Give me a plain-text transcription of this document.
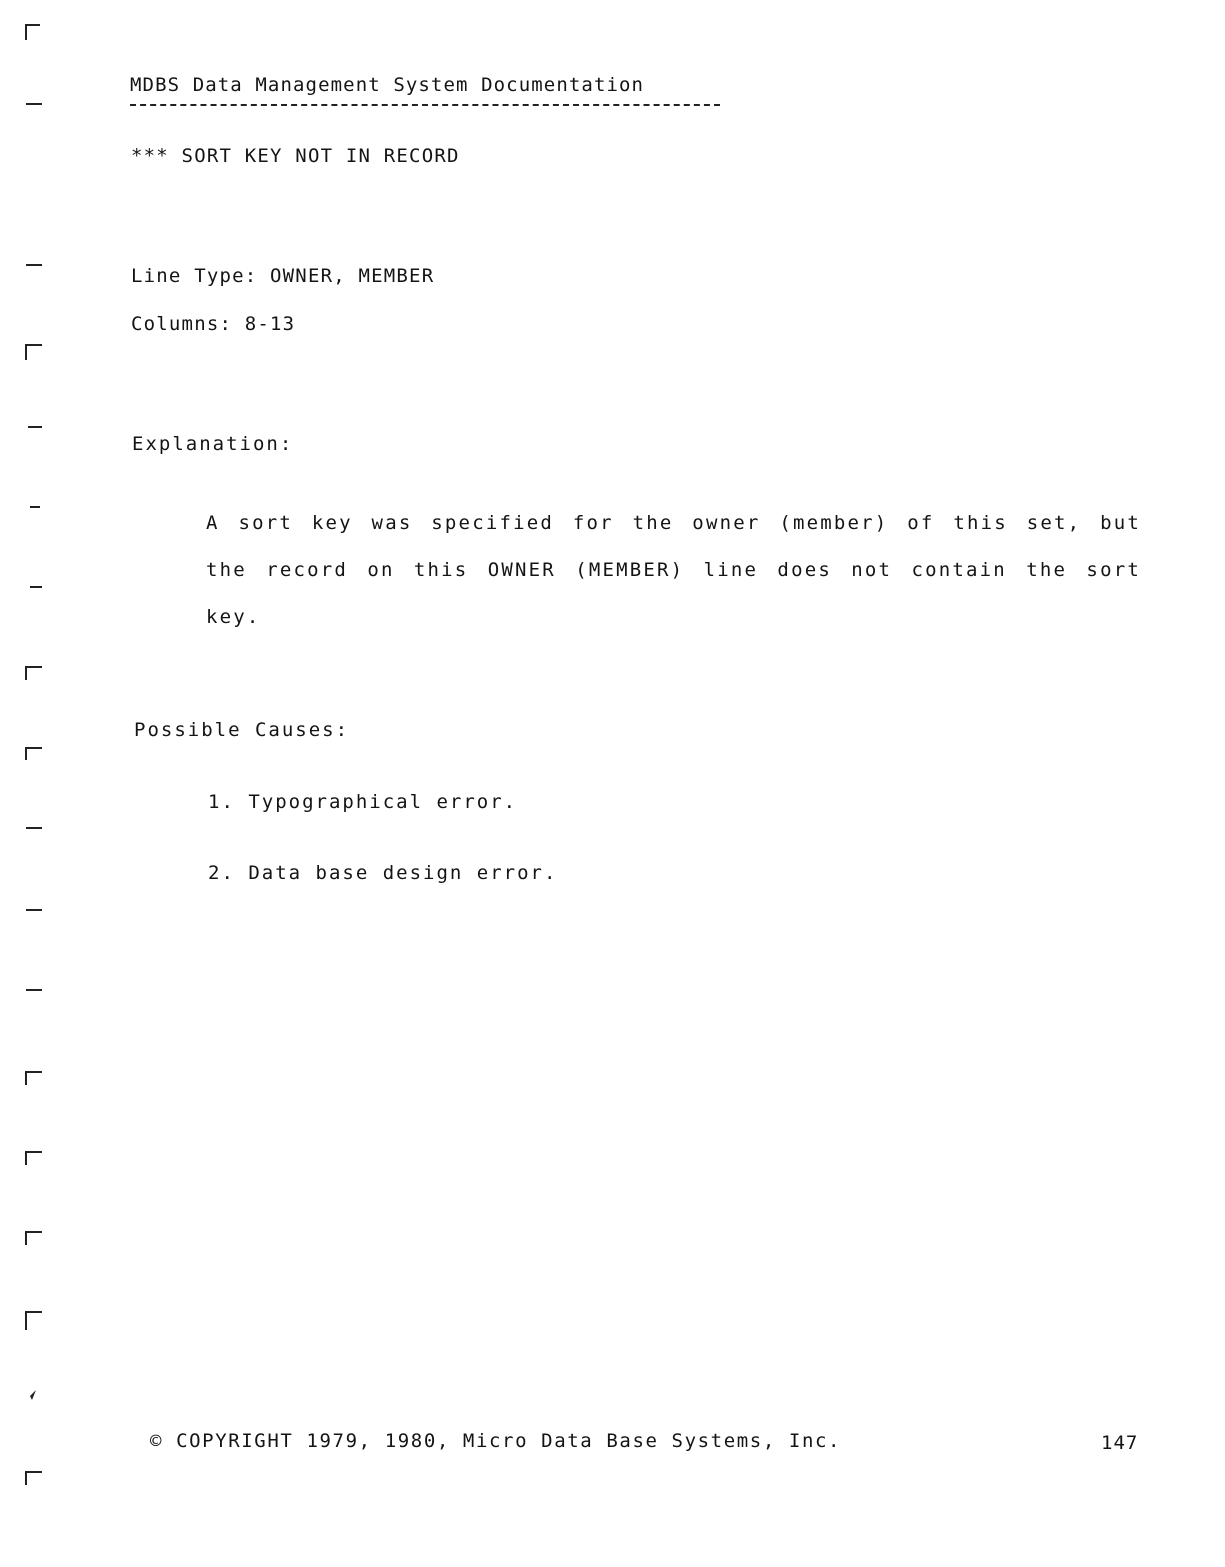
MDBS Data Management System Documentation
*** SORT KEY NOT IN RECORD
Line Type: OWNER, MEMBER
Columns: 8-13
Explanation:
A sort key was specified for the owner (member) of this set, but the record on this OWNER (MEMBER) line does not contain the sort key.
Possible Causes:
1. Typographical error.
2. Data base design error.
© COPYRIGHT 1979, 1980, Micro Data Base Systems, Inc.	147
